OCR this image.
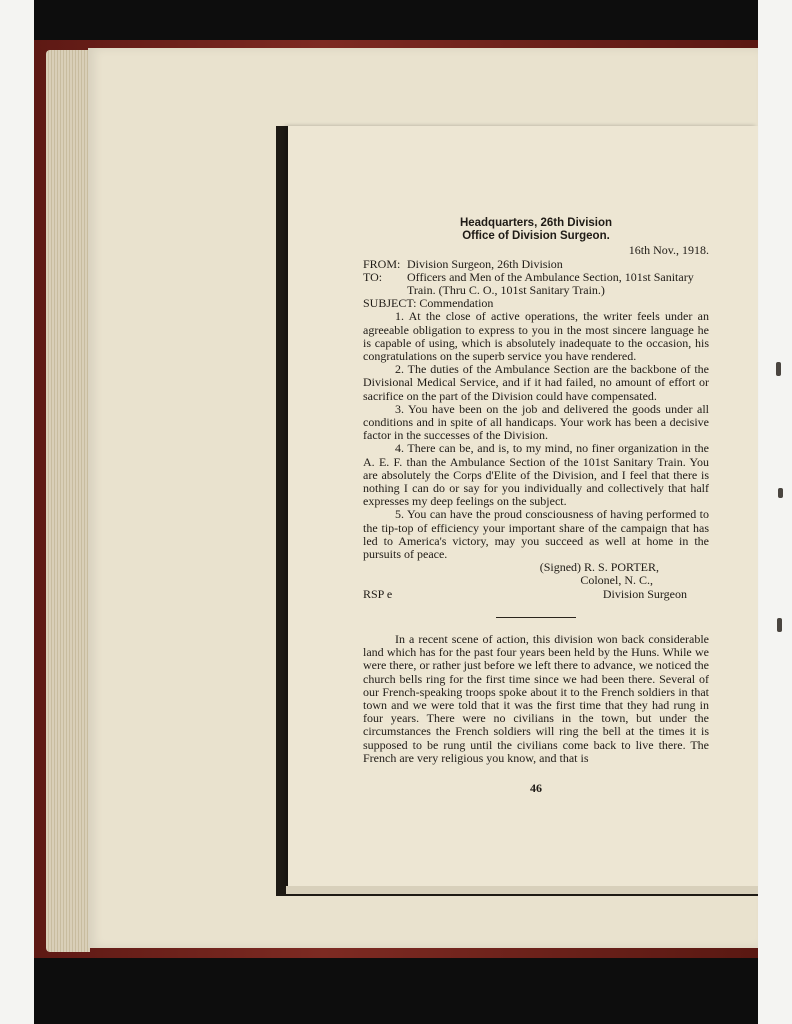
Headquarters, 26th Division
Office of Division Surgeon.
16th Nov., 1918.
FROM: Division Surgeon, 26th Division
TO:	Officers and Men of the Ambulance Section, 101st Sanitary Train. (Thru C. O., 101st Sanitary Train.)
SUBJECT:
Commendation

1. At the close of active operations, the writer feels under an agreeable obligation to express to you in the most sincere language he is capable of using, which is absolutely inadequate to the occasion, his congratulations on the superb service you have rendered.

2. The duties of the Ambulance Section are the backbone of the Divisional Medical Service, and if it had failed, no amount of effort or sacrifice on the part of the Division could have compensated.

3. You have been on the job and delivered the goods under all conditions and in spite of all handicaps. Your work has been a decisive factor in the successes of the Division.

4. There can be, and is, to my mind, no finer organization in the A. E. F. than the Ambulance Section of the 101st Sanitary Train. You are absolutely the Corps d'Elite of the Division, and I feel that there is nothing I can do or say for you individually and collectively that half expresses my deep feelings on the subject.

5. You can have the proud consciousness of having performed to the tip-top of efficiency your important share of the campaign that has led to America's victory, may you succeed as well at home in the pursuits of peace.

(Signed) R. S. PORTER,
Colonel, N. C.,
RSP e	Division Surgeon

In a recent scene of action, this division won back considerable land which has for the past four years been held by the Huns. While we were there, or rather just before we left there to advance, we noticed the church bells ring for the first time since we had been there. Several of our French-speaking troops spoke about it to the French soldiers in that town and we were told that it was the first time that they had rung in four years. There were no civilians in the town, but under the circumstances the French soldiers will ring the bell at the times it is supposed to be rung until the civilians come back to live there. The French are very religious you know, and that is

46
